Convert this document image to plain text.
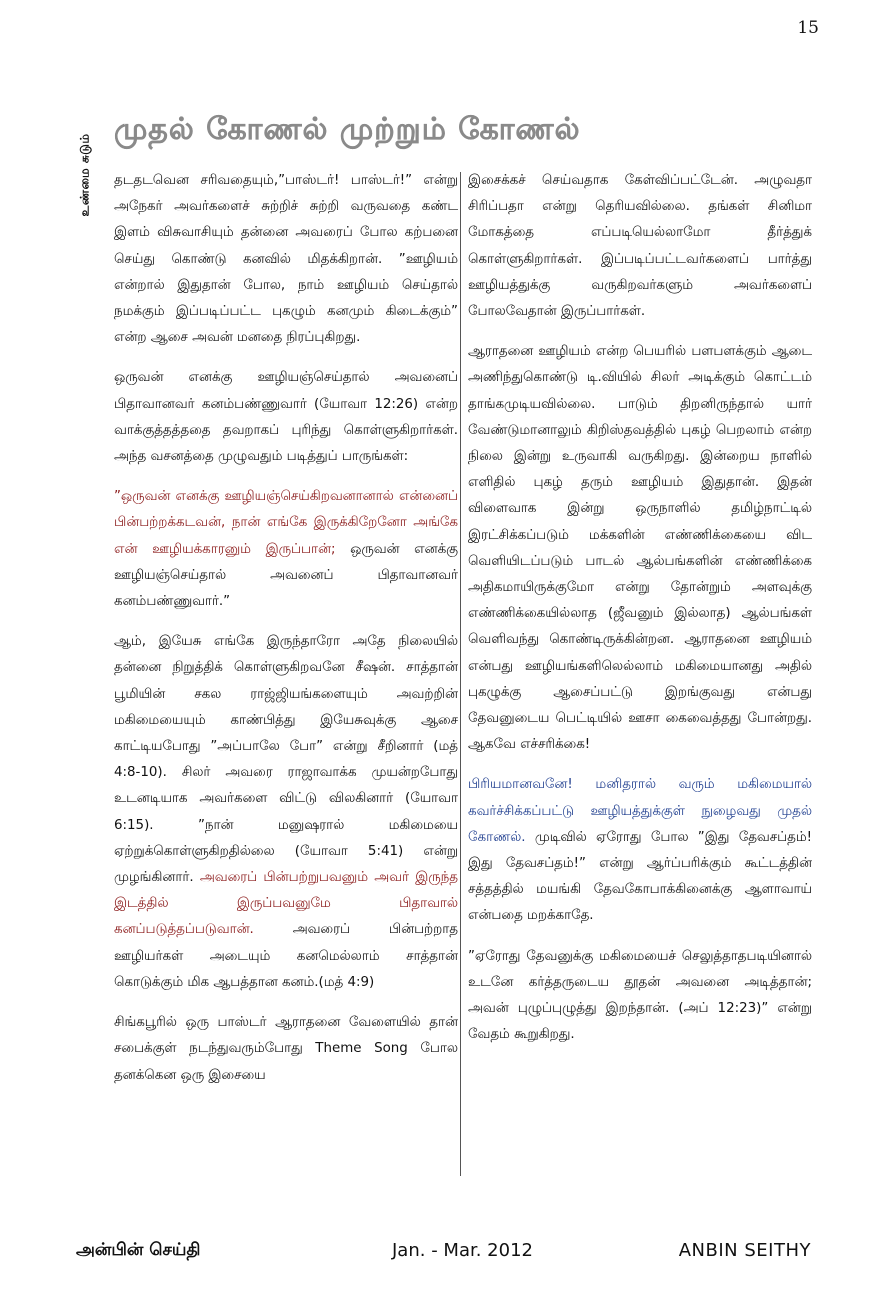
15
உண்மை சுடும்
முதல் கோணல் முற்றும் கோணல்

தடதடவென சரிவதையும்,”பாஸ்டர்! பாஸ்டர்!” என்று அநேகர் அவர்களைச் சுற்றிச் சுற்றி வருவதை கண்ட இளம் விசுவாசியும் தன்னை அவரைப் போல கற்பனை செய்து கொண்டு கனவில் மிதக்கிறான். ”ஊழியம் என்றால் இதுதான் போல, நாம் ஊழியம் செய்தால் நமக்கும் இப்படிப்பட்ட புகழும் கனமும் கிடைக்கும்” என்ற ஆசை அவன் மனதை நிரப்புகிறது.

ஒருவன் எனக்கு ஊழியஞ்செய்தால் அவனைப் பிதாவானவர் கனம்பண்ணுவார் (யோவா 12:26) என்ற வாக்குத்தத்ததை தவறாகப் புரிந்து கொள்ளுகிறார்கள். அந்த வசனத்தை முழுவதும் படித்துப் பாருங்கள்:

”ஒருவன் எனக்கு ஊழியஞ்செய்கிறவனானால் என்னைப் பின்பற்றக்கடவன், நான் எங்கே இருக்கிறேனோ அங்கே என் ஊழியக்காரனும் இருப்பான்; ஒருவன் எனக்கு ஊழியஞ்செய்தால் அவனைப் பிதாவானவர் கனம்பண்ணுவார்.”

ஆம், இயேசு எங்கே இருந்தாரோ அதே நிலையில் தன்னை நிறுத்திக் கொள்ளுகிறவனே சீஷன். சாத்தான் பூமியின் சகல ராஜ்ஜியங்களையும் அவற்றின் மகிமையையும் காண்பித்து இயேசுவுக்கு ஆசை காட்டியபோது ”அப்பாலே போ” என்று சீறினார் (மத் 4:8-10). சிலர் அவரை ராஜாவாக்க முயன்றபோது உடனடியாக அவர்களை விட்டு விலகினார் (யோவா 6:15). ”நான் மனுஷரால் மகிமையை ஏற்றுக்கொள்ளுகிறதில்லை (யோவா 5:41) என்று முழங்கினார். அவரைப் பின்பற்றுபவனும் அவர் இருந்த இடத்தில் இருப்பவனுமே பிதாவால் கனப்படுத்தப்படுவான். அவரைப் பின்பற்றாத ஊழியர்கள் அடையும் கனமெல்லாம் சாத்தான் கொடுக்கும் மிக ஆபத்தான கனம்.(மத் 4:9)

சிங்கபூரில் ஒரு பாஸ்டர் ஆராதனை வேளையில் தான் சபைக்குள் நடந்துவரும்போது Theme Song போல தனக்கென ஒரு இசையை

இசைக்கச் செய்வதாக கேள்விப்பட்டேன். அழுவதா சிரிப்பதா என்று தெரியவில்லை. தங்கள் சினிமா மோகத்தை எப்படியெல்லாமோ தீர்த்துக் கொள்ளுகிறார்கள். இப்படிப்பட்டவர்களைப் பார்த்து ஊழியத்துக்கு வருகிறவர்களும் அவர்களைப் போலவேதான் இருப்பார்கள்.

ஆராதனை ஊழியம் என்ற பெயரில் பளபளக்கும் ஆடை அணிந்துகொண்டு டி.வியில் சிலர் அடிக்கும் கொட்டம் தாங்கமுடியவில்லை. பாடும் திறனிருந்தால் யார் வேண்டுமானாலும் கிறிஸ்தவத்தில் புகழ் பெறலாம் என்ற நிலை இன்று உருவாகி வருகிறது. இன்றைய நாளில் எளிதில் புகழ் தரும் ஊழியம் இதுதான். இதன் விளைவாக இன்று ஒருநாளில் தமிழ்நாட்டில் இரட்சிக்கப்படும் மக்களின் எண்ணிக்கையை விட வெளியிடப்படும் பாடல் ஆல்பங்களின் எண்ணிக்கை அதிகமாயிருக்குமோ என்று தோன்றும் அளவுக்கு எண்ணிக்கையில்லாத (ஜீவனும் இல்லாத) ஆல்பங்கள் வெளிவந்து கொண்டிருக்கின்றன. ஆராதனை ஊழியம் என்பது ஊழியங்களிலெல்லாம் மகிமையானது அதில் புகழுக்கு ஆசைப்பட்டு இறங்குவது என்பது தேவனுடைய பெட்டியில் ஊசா கைவைத்தது போன்றது. ஆகவே எச்சரிக்கை!

பிரியமானவனே! மனிதரால் வரும் மகிமையால் கவர்ச்சிக்கப்பட்டு ஊழியத்துக்குள் நுழைவது முதல் கோணல். முடிவில் ஏரோது போல ”இது தேவசப்தம்! இது தேவசப்தம்!” என்று ஆர்ப்பரிக்கும் கூட்டத்தின் சத்தத்தில் மயங்கி தேவகோபாக்கினைக்கு ஆளாவாய் என்பதை மறக்காதே.

”ஏரோது தேவனுக்கு மகிமையைச் செலுத்தாதபடியினால் உடனே கர்த்தருடைய தூதன் அவனை அடித்தான்; அவன் புழுப்புழுத்து இறந்தான். (அப் 12:23)” என்று வேதம் கூறுகிறது.

அன்பின் செய்தி	Jan. - Mar. 2012	ANBIN SEITHY
